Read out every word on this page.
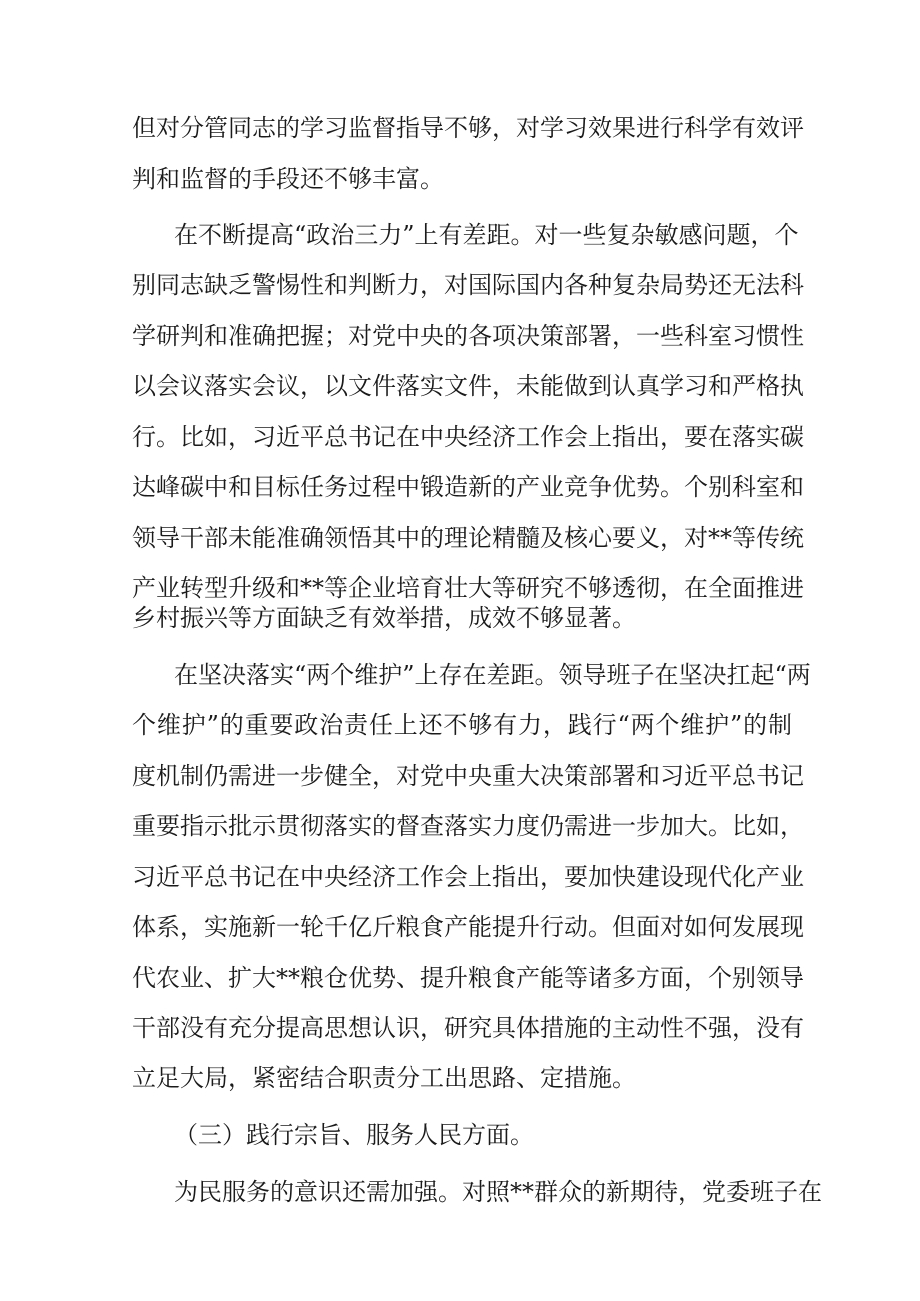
但对分管同志的学习监督指导不够，对学习效果进行科学有效评
判和监督的手段还不够丰富。
在不断提高“政治三力”上有差距。对一些复杂敏感问题，个
别同志缺乏警惕性和判断力，对国际国内各种复杂局势还无法科
学研判和准确把握；对党中央的各项决策部署，一些科室习惯性
以会议落实会议，以文件落实文件，未能做到认真学习和严格执
行。比如，习近平总书记在中央经济工作会上指出，要在落实碳
达峰碳中和目标任务过程中锻造新的产业竞争优势。个别科室和
领导干部未能准确领悟其中的理论精髓及核心要义，对**等传统
产业转型升级和**等企业培育壮大等研究不够透彻，在全面推进
乡村振兴等方面缺乏有效举措，成效不够显著。
在坚决落实“两个维护”上存在差距。领导班子在坚决扛起“两
个维护”的重要政治责任上还不够有力，践行“两个维护”的制
度机制仍需进一步健全，对党中央重大决策部署和习近平总书记
重要指示批示贯彻落实的督查落实力度仍需进一步加大。比如，
习近平总书记在中央经济工作会上指出，要加快建设现代化产业
体系，实施新一轮千亿斤粮食产能提升行动。但面对如何发展现
代农业、扩大**粮仓优势、提升粮食产能等诸多方面，个别领导
干部没有充分提高思想认识，研究具体措施的主动性不强，没有
立足大局，紧密结合职责分工出思路、定措施。
（三）践行宗旨、服务人民方面。
为民服务的意识还需加强。对照**群众的新期待，党委班子在
